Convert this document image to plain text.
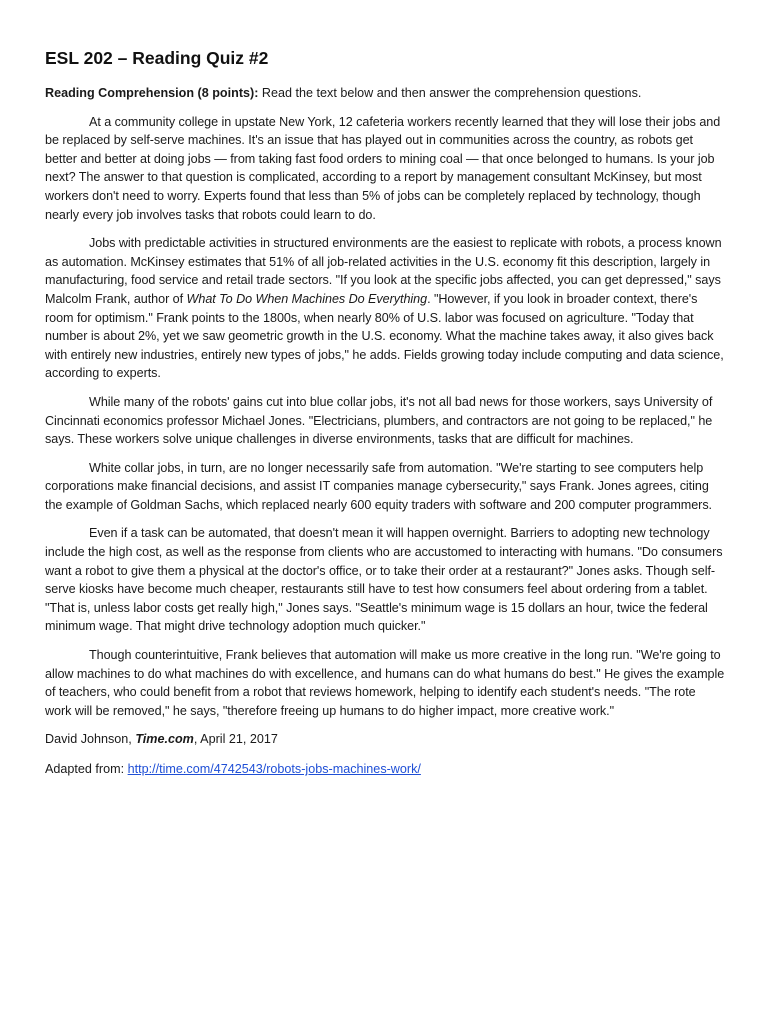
ESL 202 – Reading Quiz #2

Reading Comprehension (8 points): Read the text below and then answer the comprehension questions.

At a community college in upstate New York, 12 cafeteria workers recently learned that they will lose their jobs and be replaced by self-serve machines. It's an issue that has played out in communities across the country, as robots get better and better at doing jobs — from taking fast food orders to mining coal — that once belonged to humans. Is your job next? The answer to that question is complicated, according to a report by management consultant McKinsey, but most workers don't need to worry. Experts found that less than 5% of jobs can be completely replaced by technology, though nearly every job involves tasks that robots could learn to do.

Jobs with predictable activities in structured environments are the easiest to replicate with robots, a process known as automation. McKinsey estimates that 51% of all job-related activities in the U.S. economy fit this description, largely in manufacturing, food service and retail trade sectors. "If you look at the specific jobs affected, you can get depressed," says Malcolm Frank, author of What To Do When Machines Do Everything. "However, if you look in broader context, there's room for optimism." Frank points to the 1800s, when nearly 80% of U.S. labor was focused on agriculture. "Today that number is about 2%, yet we saw geometric growth in the U.S. economy. What the machine takes away, it also gives back with entirely new industries, entirely new types of jobs," he adds. Fields growing today include computing and data science, according to experts.

While many of the robots' gains cut into blue collar jobs, it's not all bad news for those workers, says University of Cincinnati economics professor Michael Jones. "Electricians, plumbers, and contractors are not going to be replaced," he says. These workers solve unique challenges in diverse environments, tasks that are difficult for machines.

White collar jobs, in turn, are no longer necessarily safe from automation. "We're starting to see computers help corporations make financial decisions, and assist IT companies manage cybersecurity," says Frank. Jones agrees, citing the example of Goldman Sachs, which replaced nearly 600 equity traders with software and 200 computer programmers.

Even if a task can be automated, that doesn't mean it will happen overnight. Barriers to adopting new technology include the high cost, as well as the response from clients who are accustomed to interacting with humans. "Do consumers want a robot to give them a physical at the doctor's office, or to take their order at a restaurant?" Jones asks. Though self-serve kiosks have become much cheaper, restaurants still have to test how consumers feel about ordering from a tablet. "That is, unless labor costs get really high," Jones says. "Seattle's minimum wage is 15 dollars an hour, twice the federal minimum wage. That might drive technology adoption much quicker."

Though counterintuitive, Frank believes that automation will make us more creative in the long run. "We're going to allow machines to do what machines do with excellence, and humans can do what humans do best." He gives the example of teachers, who could benefit from a robot that reviews homework, helping to identify each student's needs. "The rote work will be removed," he says, "therefore freeing up humans to do higher impact, more creative work."

David Johnson, Time.com, April 21, 2017

Adapted from: http://time.com/4742543/robots-jobs-machines-work/
